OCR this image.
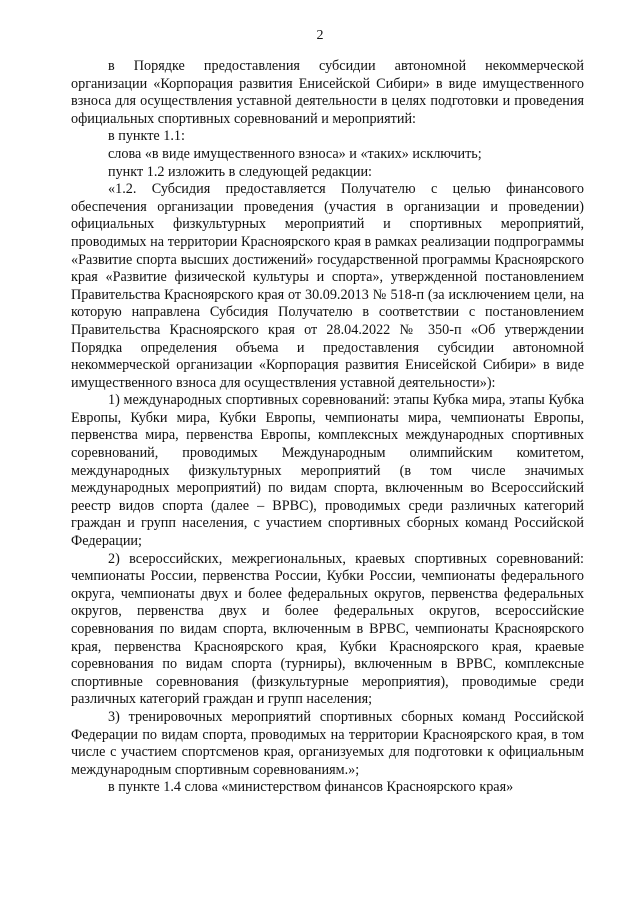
2

в Порядке предоставления субсидии автономной некоммерческой организации «Корпорация развития Енисейской Сибири» в виде имущественного взноса для осуществления уставной деятельности в целях подготовки и проведения официальных спортивных соревнований и мероприятий:

в пункте 1.1:

слова «в виде имущественного взноса» и «таких» исключить;

пункт 1.2 изложить в следующей редакции:

«1.2. Субсидия предоставляется Получателю с целью финансового обеспечения организации проведения (участия в организации и проведении) официальных физкультурных мероприятий и спортивных мероприятий, проводимых на территории Красноярского края в рамках реализации подпрограммы «Развитие спорта высших достижений» государственной программы Красноярского края «Развитие физической культуры и спорта», утвержденной постановлением Правительства Красноярского края от 30.09.2013 № 518-п (за исключением цели, на которую направлена Субсидия Получателю в соответствии с постановлением Правительства Красноярского края от 28.04.2022 № 350-п «Об утверждении Порядка определения объема и предоставления субсидии автономной некоммерческой организации «Корпорация развития Енисейской Сибири» в виде имущественного взноса для осуществления уставной деятельности»):

1) международных спортивных соревнований: этапы Кубка мира, этапы Кубка Европы, Кубки мира, Кубки Европы, чемпионаты мира, чемпионаты Европы, первенства мира, первенства Европы, комплексных международных спортивных соревнований, проводимых Международным олимпийским комитетом, международных физкультурных мероприятий (в том числе значимых международных мероприятий) по видам спорта, включенным во Всероссийский реестр видов спорта (далее – ВРВС), проводимых среди различных категорий граждан и групп населения, с участием спортивных сборных команд Российской Федерации;

2) всероссийских, межрегиональных, краевых спортивных соревнований: чемпионаты России, первенства России, Кубки России, чемпионаты федерального округа, чемпионаты двух и более федеральных округов, первенства федеральных округов, первенства двух и более федеральных округов, всероссийские соревнования по видам спорта, включенным в ВРВС, чемпионаты Красноярского края, первенства Красноярского края, Кубки Красноярского края, краевые соревнования по видам спорта (турниры), включенным в ВРВС, комплексные спортивные соревнования (физкультурные мероприятия), проводимые среди различных категорий граждан и групп населения;

3) тренировочных мероприятий спортивных сборных команд Российской Федерации по видам спорта, проводимых на территории Красноярского края, в том числе с участием спортсменов края, организуемых для подготовки к официальным международным спортивным соревнованиям.»;

в пункте 1.4 слова «министерством финансов Красноярского края»
